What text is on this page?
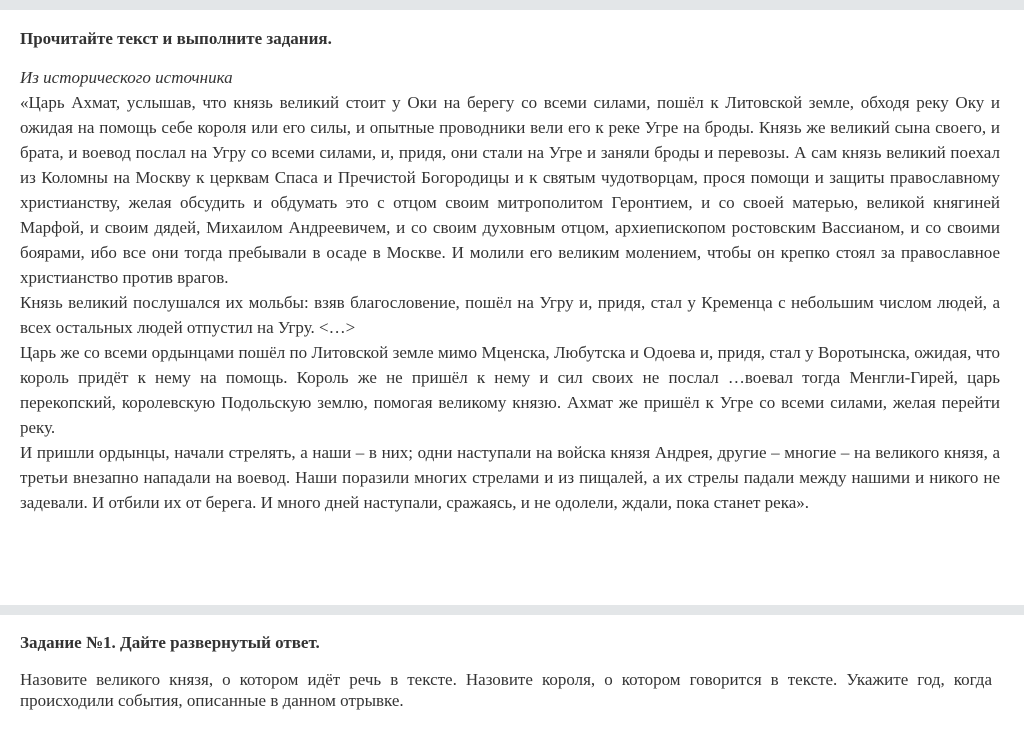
Прочитайте текст и выполните задания.

Из исторического источника

«Царь Ахмат, услышав, что князь великий стоит у Оки на берегу со всеми силами, пошёл к Литовской земле, обходя реку Оку и ожидая на помощь себе короля или его силы, и опытные проводники вели его к реке Угре на броды. Князь же великий сына своего, и брата, и воевод послал на Угру со всеми силами, и, придя, они стали на Угре и заняли броды и перевозы. А сам князь великий поехал из Коломны на Москву к церквам Спаса и Пречистой Богородицы и к святым чудотворцам, прося помощи и защиты православному христианству, желая обсудить и обдумать это с отцом своим митрополитом Геронтием, и со своей матерью, великой княгиней Марфой, и своим дядей, Михаилом Андреевичем, и со своим духовным отцом, архиепископом ростовским Вассианом, и со своими боярами, ибо все они тогда пребывали в осаде в Москве. И молили его великим молением, чтобы он крепко стоял за православное христианство против врагов.

Князь великий послушался их мольбы: взяв благословение, пошёл на Угру и, придя, стал у Кременца с небольшим числом людей, а всех остальных людей отпустил на Угру. <…>

Царь же со всеми ордынцами пошёл по Литовской земле мимо Мценска, Любутска и Одоева и, придя, стал у Воротынска, ожидая, что король придёт к нему на помощь. Король же не пришёл к нему и сил своих не послал …воевал тогда Менгли-Гирей, царь перекопский, королевскую Подольскую землю, помогая великому князю. Ахмат же пришёл к Угре со всеми силами, желая перейти реку.

И пришли ордынцы, начали стрелять, а наши – в них; одни наступали на войска князя Андрея, другие – многие – на великого князя, а третьи внезапно нападали на воевод. Наши поразили многих стрелами и из пищалей, а их стрелы падали между нашими и никого не задевали. И отбили их от берега. И много дней наступали, сражаясь, и не одолели, ждали, пока станет река».

Задание №1. Дайте развернутый ответ.

Назовите великого князя, о котором идёт речь в тексте. Назовите короля, о котором говорится в тексте. Укажите год, когда происходили события, описанные в данном отрывке.
